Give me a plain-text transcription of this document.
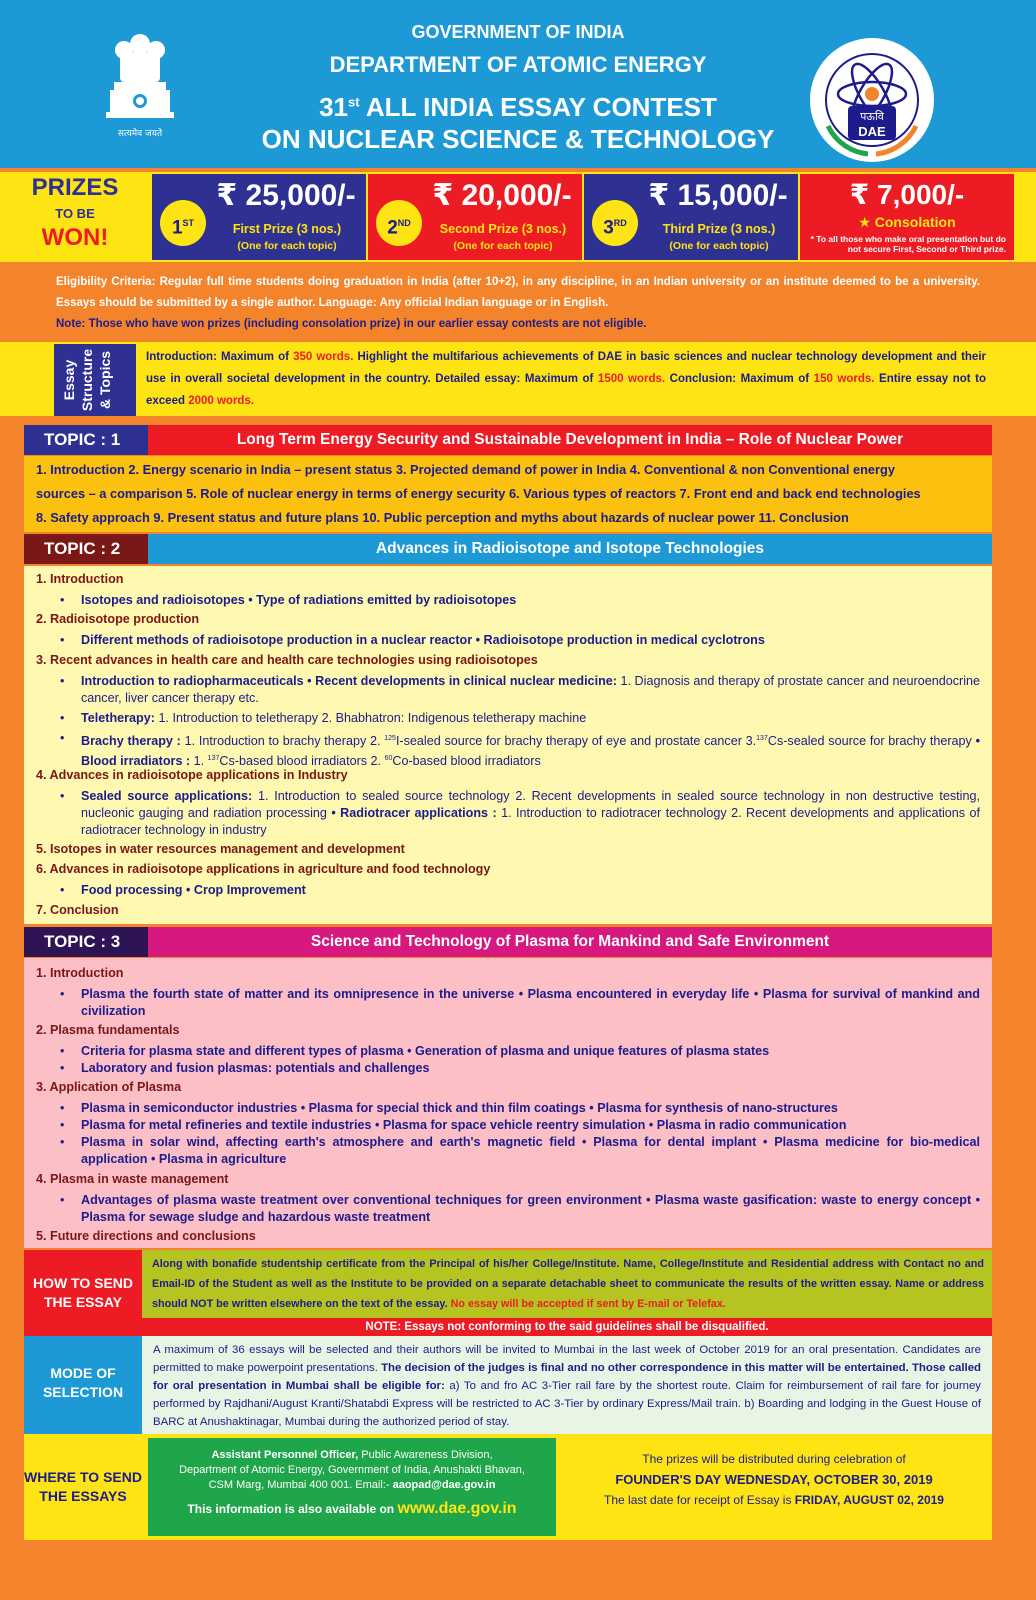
GOVERNMENT OF INDIA
DEPARTMENT OF ATOMIC ENERGY
31st ALL INDIA ESSAY CONTEST
ON NUCLEAR SCIENCE & TECHNOLOGY
सत्यमेव जयते
पऊवि
DAE
PRIZES
TO BE
WON!	1ST
₹ 25,000/-
First Prize (3 nos.)
(One for each topic)
2ND
₹ 20,000/-
Second Prize (3 nos.)
(One for each topic)
3RD
₹ 15,000/-
Third Prize (3 nos.)
(One for each topic)
₹ 7,000/-
★ Consolation
* To all those who make oral presentation but do not secure First, Second or Third prize.
Eligibility Criteria: Regular full time students doing graduation in India (after 10+2), in any discipline, in an Indian university or an institute deemed to be a university. Essays should be submitted by a single author. Language: Any official Indian language or in English.
Note: Those who have won prizes (including consolation prize) in our earlier essay contests are not eligible.
Essay Structure & Topics	Introduction: Maximum of 350 words. Highlight the multifarious achievements of DAE in basic sciences and nuclear technology development and their use in overall societal development in the country. Detailed essay: Maximum of 1500 words. Conclusion: Maximum of 150 words. Entire essay not to exceed 2000 words.
TOPIC : 1	Long Term Energy Security and Sustainable Development in India – Role of Nuclear Power
1. Introduction 2. Energy scenario in India – present status 3. Projected demand of power in India 4. Conventional & non Conventional energy
sources – a comparison 5. Role of nuclear energy in terms of energy security 6. Various types of reactors 7. Front end and back end technologies
8. Safety approach 9. Present status and future plans 10. Public perception and myths about hazards of nuclear power 11. Conclusion
TOPIC : 2	Advances in Radioisotope and Isotope Technologies
1. Introduction
• Isotopes and radioisotopes • Type of radiations emitted by radioisotopes
2. Radioisotope production
• Different methods of radioisotope production in a nuclear reactor • Radioisotope production in medical cyclotrons
3. Recent advances in health care and health care technologies using radioisotopes
• Introduction to radiopharmaceuticals • Recent developments in clinical nuclear medicine: 1. Diagnosis and therapy of prostate cancer and neuroendocrine cancer, liver cancer therapy etc.
• Teletherapy: 1. Introduction to teletherapy 2. Bhabhatron: Indigenous teletherapy machine
• Brachy therapy : 1. Introduction to brachy therapy 2. $^{125}$I-sealed source for brachy therapy of eye and prostate cancer 3.$^{137}$Cs-sealed source for brachy therapy • Blood irradiators : 1. $^{137}$Cs-based blood irradiators 2. $^{60}$Co-based blood irradiators
4. Advances in radioisotope applications in Industry
• Sealed source applications: 1. Introduction to sealed source technology 2. Recent developments in sealed source technology in non destructive testing, nucleonic gauging and radiation processing • Radiotracer applications : 1. Introduction to radiotracer technology 2. Recent developments and applications of radiotracer technology in industry
5. Isotopes in water resources management and development
6. Advances in radioisotope applications in agriculture and food technology
• Food processing • Crop Improvement
7. Conclusion
TOPIC : 3	Science and Technology of Plasma for Mankind and Safe Environment
1. Introduction
• Plasma the fourth state of matter and its omnipresence in the universe • Plasma encountered in everyday life • Plasma for survival of mankind and civilization
2. Plasma fundamentals
• Criteria for plasma state and different types of plasma • Generation of plasma and unique features of plasma states
• Laboratory and fusion plasmas: potentials and challenges
3. Application of Plasma
• Plasma in semiconductor industries • Plasma for special thick and thin film coatings • Plasma for synthesis of nano-structures
• Plasma for metal refineries and textile industries • Plasma for space vehicle reentry simulation • Plasma in radio communication
• Plasma in solar wind, affecting earth's atmosphere and earth's magnetic field • Plasma for dental implant • Plasma medicine for bio-medical application • Plasma in agriculture
4. Plasma in waste management
• Advantages of plasma waste treatment over conventional techniques for green environment • Plasma waste gasification: waste to energy concept • Plasma for sewage sludge and hazardous waste treatment
5. Future directions and conclusions
HOW TO SEND THE ESSAY
Along with bonafide studentship certificate from the Principal of his/her College/Institute. Name, College/Institute and Residential address with Contact no and Email-ID of the Student as well as the Institute to be provided on a separate detachable sheet to communicate the results of the written essay. Name or address should NOT be written elsewhere on the text of the essay. No essay will be accepted if sent by E-mail or Telefax.
NOTE: Essays not conforming to the said guidelines shall be disqualified.
MODE OF SELECTION
A maximum of 36 essays will be selected and their authors will be invited to Mumbai in the last week of October 2019 for an oral presentation. Candidates are permitted to make powerpoint presentations. The decision of the judges is final and no other correspondence in this matter will be entertained. Those called for oral presentation in Mumbai shall be eligible for: a) To and fro AC 3-Tier rail fare by the shortest route. Claim for reimbursement of rail fare for journey performed by Rajdhani/August Kranti/Shatabdi Express will be restricted to AC 3-Tier by ordinary Express/Mail train. b) Boarding and lodging in the Guest House of BARC at Anushaktinagar, Mumbai during the authorized period of stay.
WHERE TO SEND THE ESSAYS
Assistant Personnel Officer, Public Awareness Division,
Department of Atomic Energy, Government of India, Anushakti Bhavan,
CSM Marg, Mumbai 400 001. Email:- aaopad@dae.gov.in
This information is also available on www.dae.gov.in
The prizes will be distributed during celebration of
FOUNDER'S DAY WEDNESDAY, OCTOBER 30, 2019
The last date for receipt of Essay is FRIDAY, AUGUST 02, 2019
